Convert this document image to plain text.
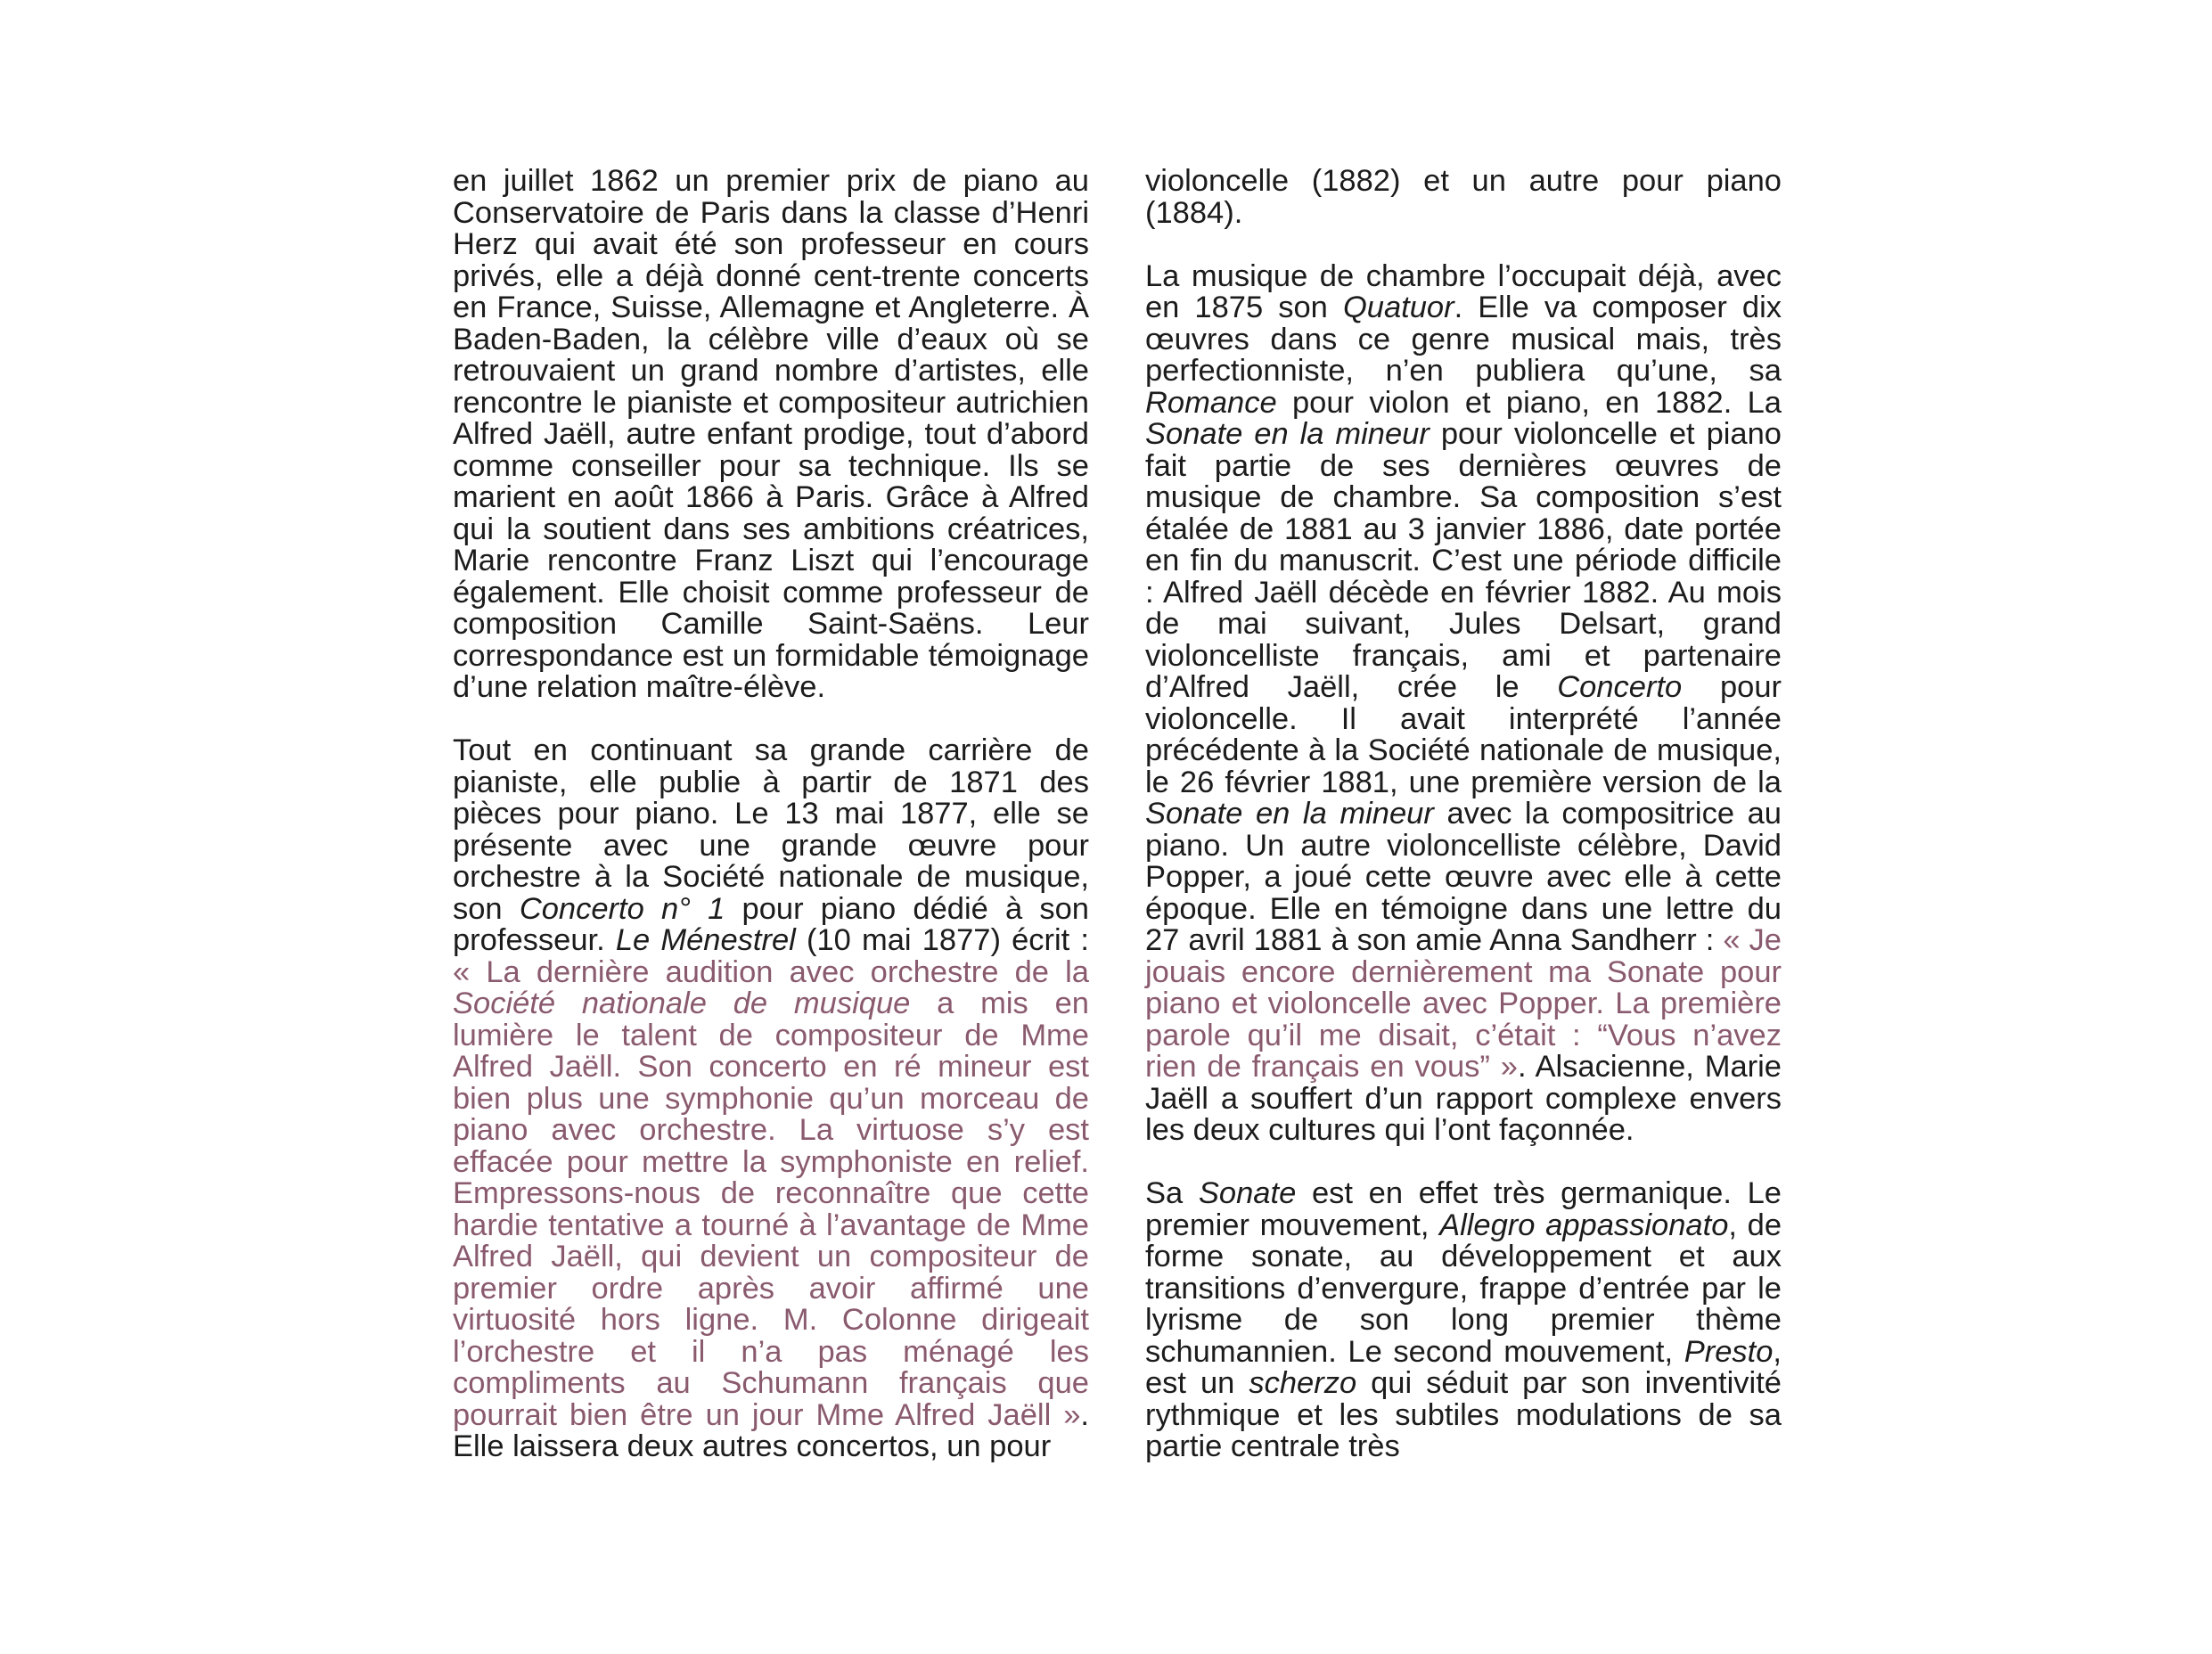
en juillet 1862 un premier prix de piano au Conservatoire de Paris dans la classe d’Henri Herz qui avait été son professeur en cours privés, elle a déjà donné cent-trente concerts en France, Suisse, Allemagne et Angleterre. À Baden-Baden, la célèbre ville d’eaux où se retrouvaient un grand nombre d’artistes, elle rencontre le pianiste et compositeur autrichien Alfred Jaëll, autre enfant prodige, tout d’abord comme conseiller pour sa technique. Ils se marient en août 1866 à Paris. Grâce à Alfred qui la soutient dans ses ambitions créatrices, Marie rencontre Franz Liszt qui l’encourage également. Elle choisit comme professeur de composition Camille Saint-Saëns. Leur correspondance est un formidable témoignage d’une relation maître-élève.

Tout en continuant sa grande carrière de pianiste, elle publie à partir de 1871 des pièces pour piano. Le 13 mai 1877, elle se présente avec une grande œuvre pour orchestre à la Société nationale de musique, son Concerto n° 1 pour piano dédié à son professeur. Le Ménestrel (10 mai 1877) écrit : « La dernière audition avec orchestre de la Société nationale de musique a mis en lumière le talent de compositeur de Mme Alfred Jaëll. Son concerto en ré mineur est bien plus une symphonie qu’un morceau de piano avec orchestre. La virtuose s’y est effacée pour mettre la symphoniste en relief. Empressons-nous de reconnaître que cette hardie tentative a tourné à l’avantage de Mme Alfred Jaëll, qui devient un compositeur de premier ordre après avoir affirmé une virtuosité hors ligne. M. Colonne dirigeait l’orchestre et il n’a pas ménagé les compliments au Schumann français que pourrait bien être un jour Mme Alfred Jaëll ». Elle laissera deux autres concertos, un pour

violoncelle (1882) et un autre pour piano (1884).

La musique de chambre l’occupait déjà, avec en 1875 son Quatuor. Elle va composer dix œuvres dans ce genre musical mais, très perfectionniste, n’en publiera qu’une, sa Romance pour violon et piano, en 1882. La Sonate en la mineur pour violoncelle et piano fait partie de ses dernières œuvres de musique de chambre. Sa composition s’est étalée de 1881 au 3 janvier 1886, date portée en fin du manuscrit. C’est une période difficile : Alfred Jaëll décède en février 1882. Au mois de mai suivant, Jules Delsart, grand violoncelliste français, ami et partenaire d’Alfred Jaëll, crée le Concerto pour violoncelle. Il avait interprété l’année précédente à la Société nationale de musique, le 26 février 1881, une première version de la Sonate en la mineur avec la compositrice au piano. Un autre violoncelliste célèbre, David Popper, a joué cette œuvre avec elle à cette époque. Elle en témoigne dans une lettre du 27 avril 1881 à son amie Anna Sandherr : « Je jouais encore dernièrement ma Sonate pour piano et violoncelle avec Popper. La première parole qu’il me disait, c’était : “Vous n’avez rien de français en vous” ». Alsacienne, Marie Jaëll a souffert d’un rapport complexe envers les deux cultures qui l’ont façonnée.

Sa Sonate est en effet très germanique. Le premier mouvement, Allegro appassionato, de forme sonate, au développement et aux transitions d’envergure, frappe d’entrée par le lyrisme de son long premier thème schumannien. Le second mouvement, Presto, est un scherzo qui séduit par son inventivité rythmique et les subtiles modulations de sa partie centrale très
